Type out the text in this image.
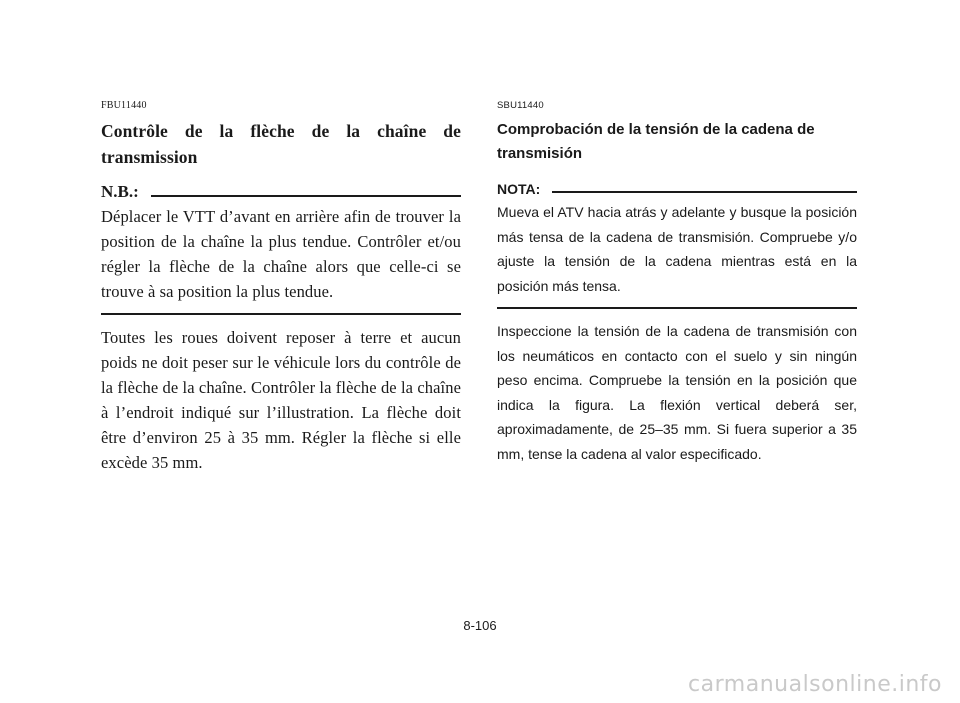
FBU11440
Contrôle de la flèche de la chaîne de transmission
N.B.:

Déplacer le VTT d’avant en arrière afin de trouver la position de la chaîne la plus tendue. Contrôler et/ou régler la flèche de la chaîne alors que celle-ci se trouve à sa position la plus tendue.

Toutes les roues doivent reposer à terre et aucun poids ne doit peser sur le véhicule lors du contrôle de la flèche de la chaîne. Contrôler la flèche de la chaîne à l’endroit indiqué sur l’illustration. La flèche doit être d’environ 25 à 35 mm. Régler la flèche si elle excède 35 mm.

SBU11440
Comprobación de la tensión de la cadena de transmisión
NOTA:

Mueva el ATV hacia atrás y adelante y busque la posición más tensa de la cadena de transmisión. Compruebe y/o ajuste la tensión de la cadena mientras está en la posición más tensa.

Inspeccione la tensión de la cadena de transmisión con los neumáticos en contacto con el suelo y sin ningún peso encima. Compruebe la tensión en la posición que indica la figura. La flexión vertical deberá ser, aproximadamente, de 25–35 mm. Si fuera superior a 35 mm, tense la cadena al valor especificado.

8-106
carmanualsonline.info
